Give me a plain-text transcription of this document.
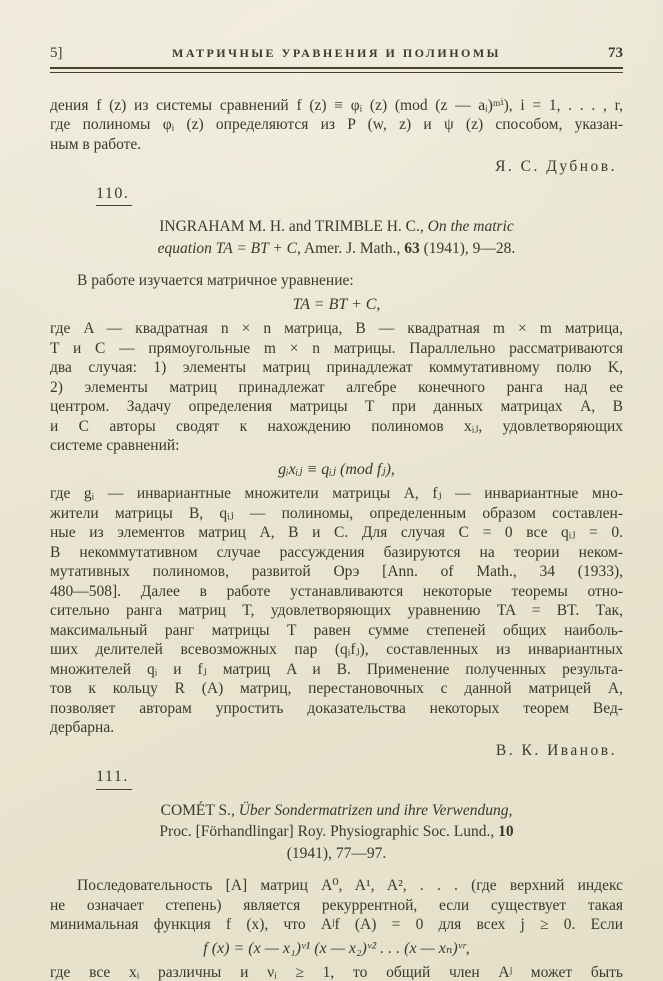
5]	МАТРИЧНЫЕ УРАВНЕНИЯ И ПОЛИНОМЫ	73
дения f (z) из системы сравнений f (z) ≡ φᵢ (z) (mod (z — aᵢ)ᵐⁱ), i = 1, . . . , r,
где полиномы φᵢ (z) определяются из P (w, z) и ψ (z) способом, указан-
ным в работе.
Я. С. Дубнов.
110.
INGRAHAM M. H. and TRIMBLE H. C., On the matric
equation TA = BT + C, Amer. J. Math., 63 (1941), 9—28.
В работе изучается матричное уравнение:
TA = BT + C,
где A — квадратная n × n матрица, B — квадратная m × m матрица,
T и C — прямоугольные m × n матрицы. Параллельно рассматриваются
два случая: 1) элементы матриц принадлежат коммутативному полю K,
2) элементы матриц принадлежат алгебре конечного ранга над ее
центром. Задачу определения матрицы T при данных матрицах A, B
и C авторы сводят к нахождению полиномов xᵢⱼ, удовлетворяющих
системе сравнений:
gᵢxᵢⱼ ≡ qᵢⱼ (mod fⱼ),
где gᵢ — инвариантные множители матрицы A, fⱼ — инвариантные мно-
жители матрицы B, qᵢⱼ — полиномы, определенным образом составлен-
ные из элементов матриц A, B и C. Для случая C = 0 все qᵢⱼ = 0.
В некоммутативном случае рассуждения базируются на теории неком-
мутативных полиномов, развитой Орэ [Ann. of Math., 34 (1933),
480—508]. Далее в работе устанавливаются некоторые теоремы отно-
сительно ранга матриц T, удовлетворяющих уравнению TA = BT. Так,
максимальный ранг матрицы T равен сумме степеней общих наиболь-
ших делителей всевозможных пар (qᵢfⱼ), составленных из инвариантных
множителей qᵢ и fⱼ матриц A и B. Применение полученных результа-
тов к кольцу R (A) матриц, перестановочных с данной матрицей A,
позволяет авторам упростить доказательства некоторых теорем Вед-
дербарна.
В. К. Иванов.
111.
COMÉT S., Über Sondermatrizen und ihre Verwendung,
Proc. [Förhandlingar] Roy. Physiographic Soc. Lund., 10
(1941), 77—97.
Последовательность [A] матриц A⁰, A¹, A², . . . (где верхний индекс
не означает степень) является рекуррентной, если существует такая
минимальная функция f (x), что Aʲf (A) = 0 для всех j ≥ 0. Если
f (x) = (x — x₁)ᵛ¹ (x — x₂)ᵛ² . . . (x — xₙ)ᵛʳ,
где все xᵢ различны и νᵢ ≥ 1, то общий член Aʲ может быть
